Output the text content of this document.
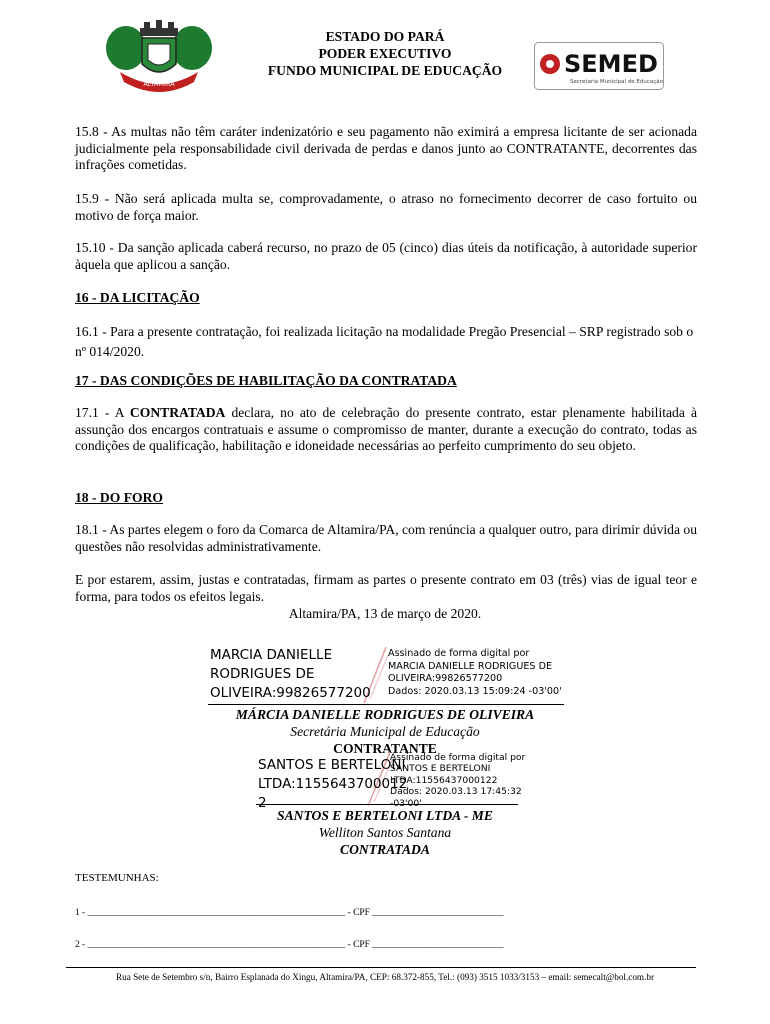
ALTAMIRA
ESTADO DO PARÁ
PODER EXECUTIVO
FUNDO MUNICIPAL DE EDUCAÇÃO	SEMED
Secretaria Municipal de Educação
15.8 - As multas não têm caráter indenizatório e seu pagamento não eximirá a empresa licitante de ser acionada judicialmente pela responsabilidade civil derivada de perdas e danos junto ao CONTRATANTE, decorrentes das infrações cometidas.
15.9 - Não será aplicada multa se, comprovadamente, o atraso no fornecimento decorrer de caso fortuito ou motivo de força maior.
15.10 - Da sanção aplicada caberá recurso, no prazo de 05 (cinco) dias úteis da notificação, à autoridade superior àquela que aplicou a sanção.
16 - DA LICITAÇÃO
16.1 - Para a presente contratação, foi realizada licitação na modalidade Pregão Presencial – SRP registrado sob o nº 014/2020.
17 - DAS CONDIÇÕES DE HABILITAÇÃO DA CONTRATADA
17.1 - A CONTRATADA declara, no ato de celebração do presente contrato, estar plenamente habilitada à assunção dos encargos contratuais e assume o compromisso de manter, durante a execução do contrato, todas as condições de qualificação, habilitação e idoneidade necessárias ao perfeito cumprimento do seu objeto.
18 - DO FORO
18.1 - As partes elegem o foro da Comarca de Altamira/PA, com renúncia a qualquer outro, para dirimir dúvida ou questões não resolvidas administrativamente.
E por estarem, assim, justas e contratadas, firmam as partes o presente contrato em 03 (três) vias de igual teor e forma, para todos os efeitos legais.
Altamira/PA, 13 de março de 2020.
MARCIA DANIELLE
RODRIGUES DE
OLIVEIRA:99826577200
Assinado de forma digital por
MARCIA DANIELLE RODRIGUES DE
OLIVEIRA:99826577200
Dados: 2020.03.13 15:09:24 -03'00'
MÁRCIA DANIELLE RODRIGUES DE OLIVEIRA
Secretária Municipal de Educação
CONTRATANTE
SANTOS E BERTELONI
LTDA:1155643700012
2
Assinado de forma digital por
SANTOS E BERTELONI
LTDA:11556437000122
Dados: 2020.03.13 17:45:32
-03'00'
SANTOS E BERTELONI LTDA - ME
Welliton Santos Santana
CONTRATADA
TESTEMUNHAS:
1 - _______________________________________________________ - CPF ____________________________
2 - _______________________________________________________ - CPF ____________________________
Rua Sete de Setembro s/n, Bairro Esplanada do Xingu, Altamira/PA, CEP: 68.372-855, Tel.: (093) 3515 1033/3153 – email: semecalt@bol.com.br
